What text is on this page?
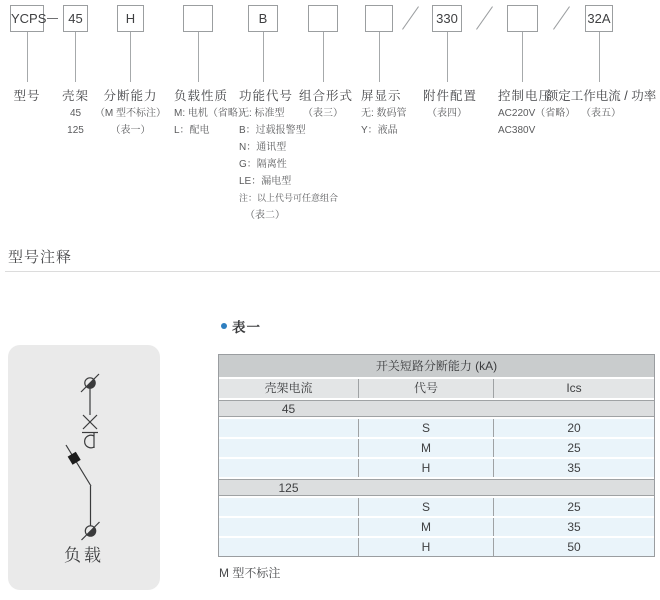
YCPS	45	H	B	330	32A
型号	壳架
45
125
分断能力
（M 型不标注）
（表一）
负载性质
M: 电机（省略）
L：配电
功能代号
无: 标准型
B：过载报警型
N：通讯型
G：隔离性
LE：漏电型
注：以上代号可任意组合
（表二）
组合形式
（表三）
屏显示
无: 数码管
Y：液晶
附件配置
（表四）
控制电压
AC220V（省略）
AC380V
额定工作电流 / 功率
（表五）
型号注释
表一
负载
开关短路分断能力 (kA)
壳架电流	代号	Ics
45
S	20
M	25
H	35
125
S	25
M	35
H	50
M 型不标注
